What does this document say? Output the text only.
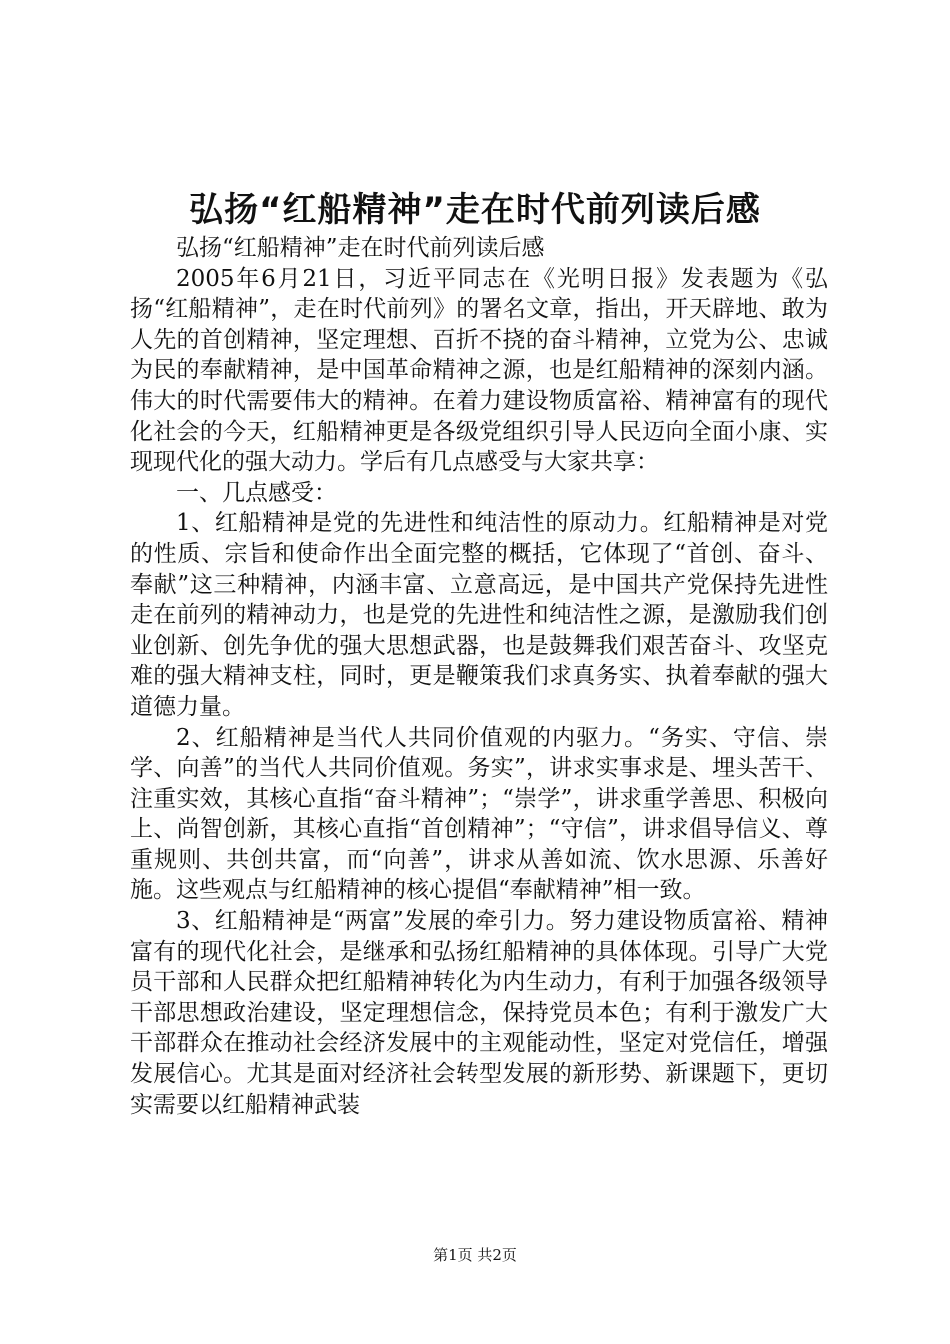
弘扬“红船精神”走在时代前列读后感

弘扬“红船精神”走在时代前列读后感

2005年6月21日，习近平同志在《光明日报》发表题为《弘扬“红船精神”，走在时代前列》的署名文章，指出，开天辟地、敢为人先的首创精神，坚定理想、百折不挠的奋斗精神，立党为公、忠诚为民的奉献精神，是中国革命精神之源，也是红船精神的深刻内涵。伟大的时代需要伟大的精神。在着力建设物质富裕、精神富有的现代化社会的今天，红船精神更是各级党组织引导人民迈向全面小康、实现现代化的强大动力。学后有几点感受与大家共享：

一、几点感受：

1、红船精神是党的先进性和纯洁性的原动力。红船精神是对党的性质、宗旨和使命作出全面完整的概括，它体现了“首创、奋斗、奉献”这三种精神，内涵丰富、立意高远，是中国共产党保持先进性走在前列的精神动力，也是党的先进性和纯洁性之源，是激励我们创业创新、创先争优的强大思想武器，也是鼓舞我们艰苦奋斗、攻坚克难的强大精神支柱，同时，更是鞭策我们求真务实、执着奉献的强大道德力量。

2、红船精神是当代人共同价值观的内驱力。“务实、守信、崇学、向善”的当代人共同价值观。务实”，讲求实事求是、埋头苦干、注重实效，其核心直指“奋斗精神”；“崇学”，讲求重学善思、积极向上、尚智创新，其核心直指“首创精神”；“守信”，讲求倡导信义、尊重规则、共创共富，而“向善”，讲求从善如流、饮水思源、乐善好施。这些观点与红船精神的核心提倡“奉献精神”相一致。

3、红船精神是“两富”发展的牵引力。努力建设物质富裕、精神富有的现代化社会，是继承和弘扬红船精神的具体体现。引导广大党员干部和人民群众把红船精神转化为内生动力，有利于加强各级领导干部思想政治建设，坚定理想信念，保持党员本色；有利于激发广大干部群众在推动社会经济发展中的主观能动性，坚定对党信任，增强发展信心。尤其是面对经济社会转型发展的新形势、新课题下，更切实需要以红船精神武装

第1页 共2页
